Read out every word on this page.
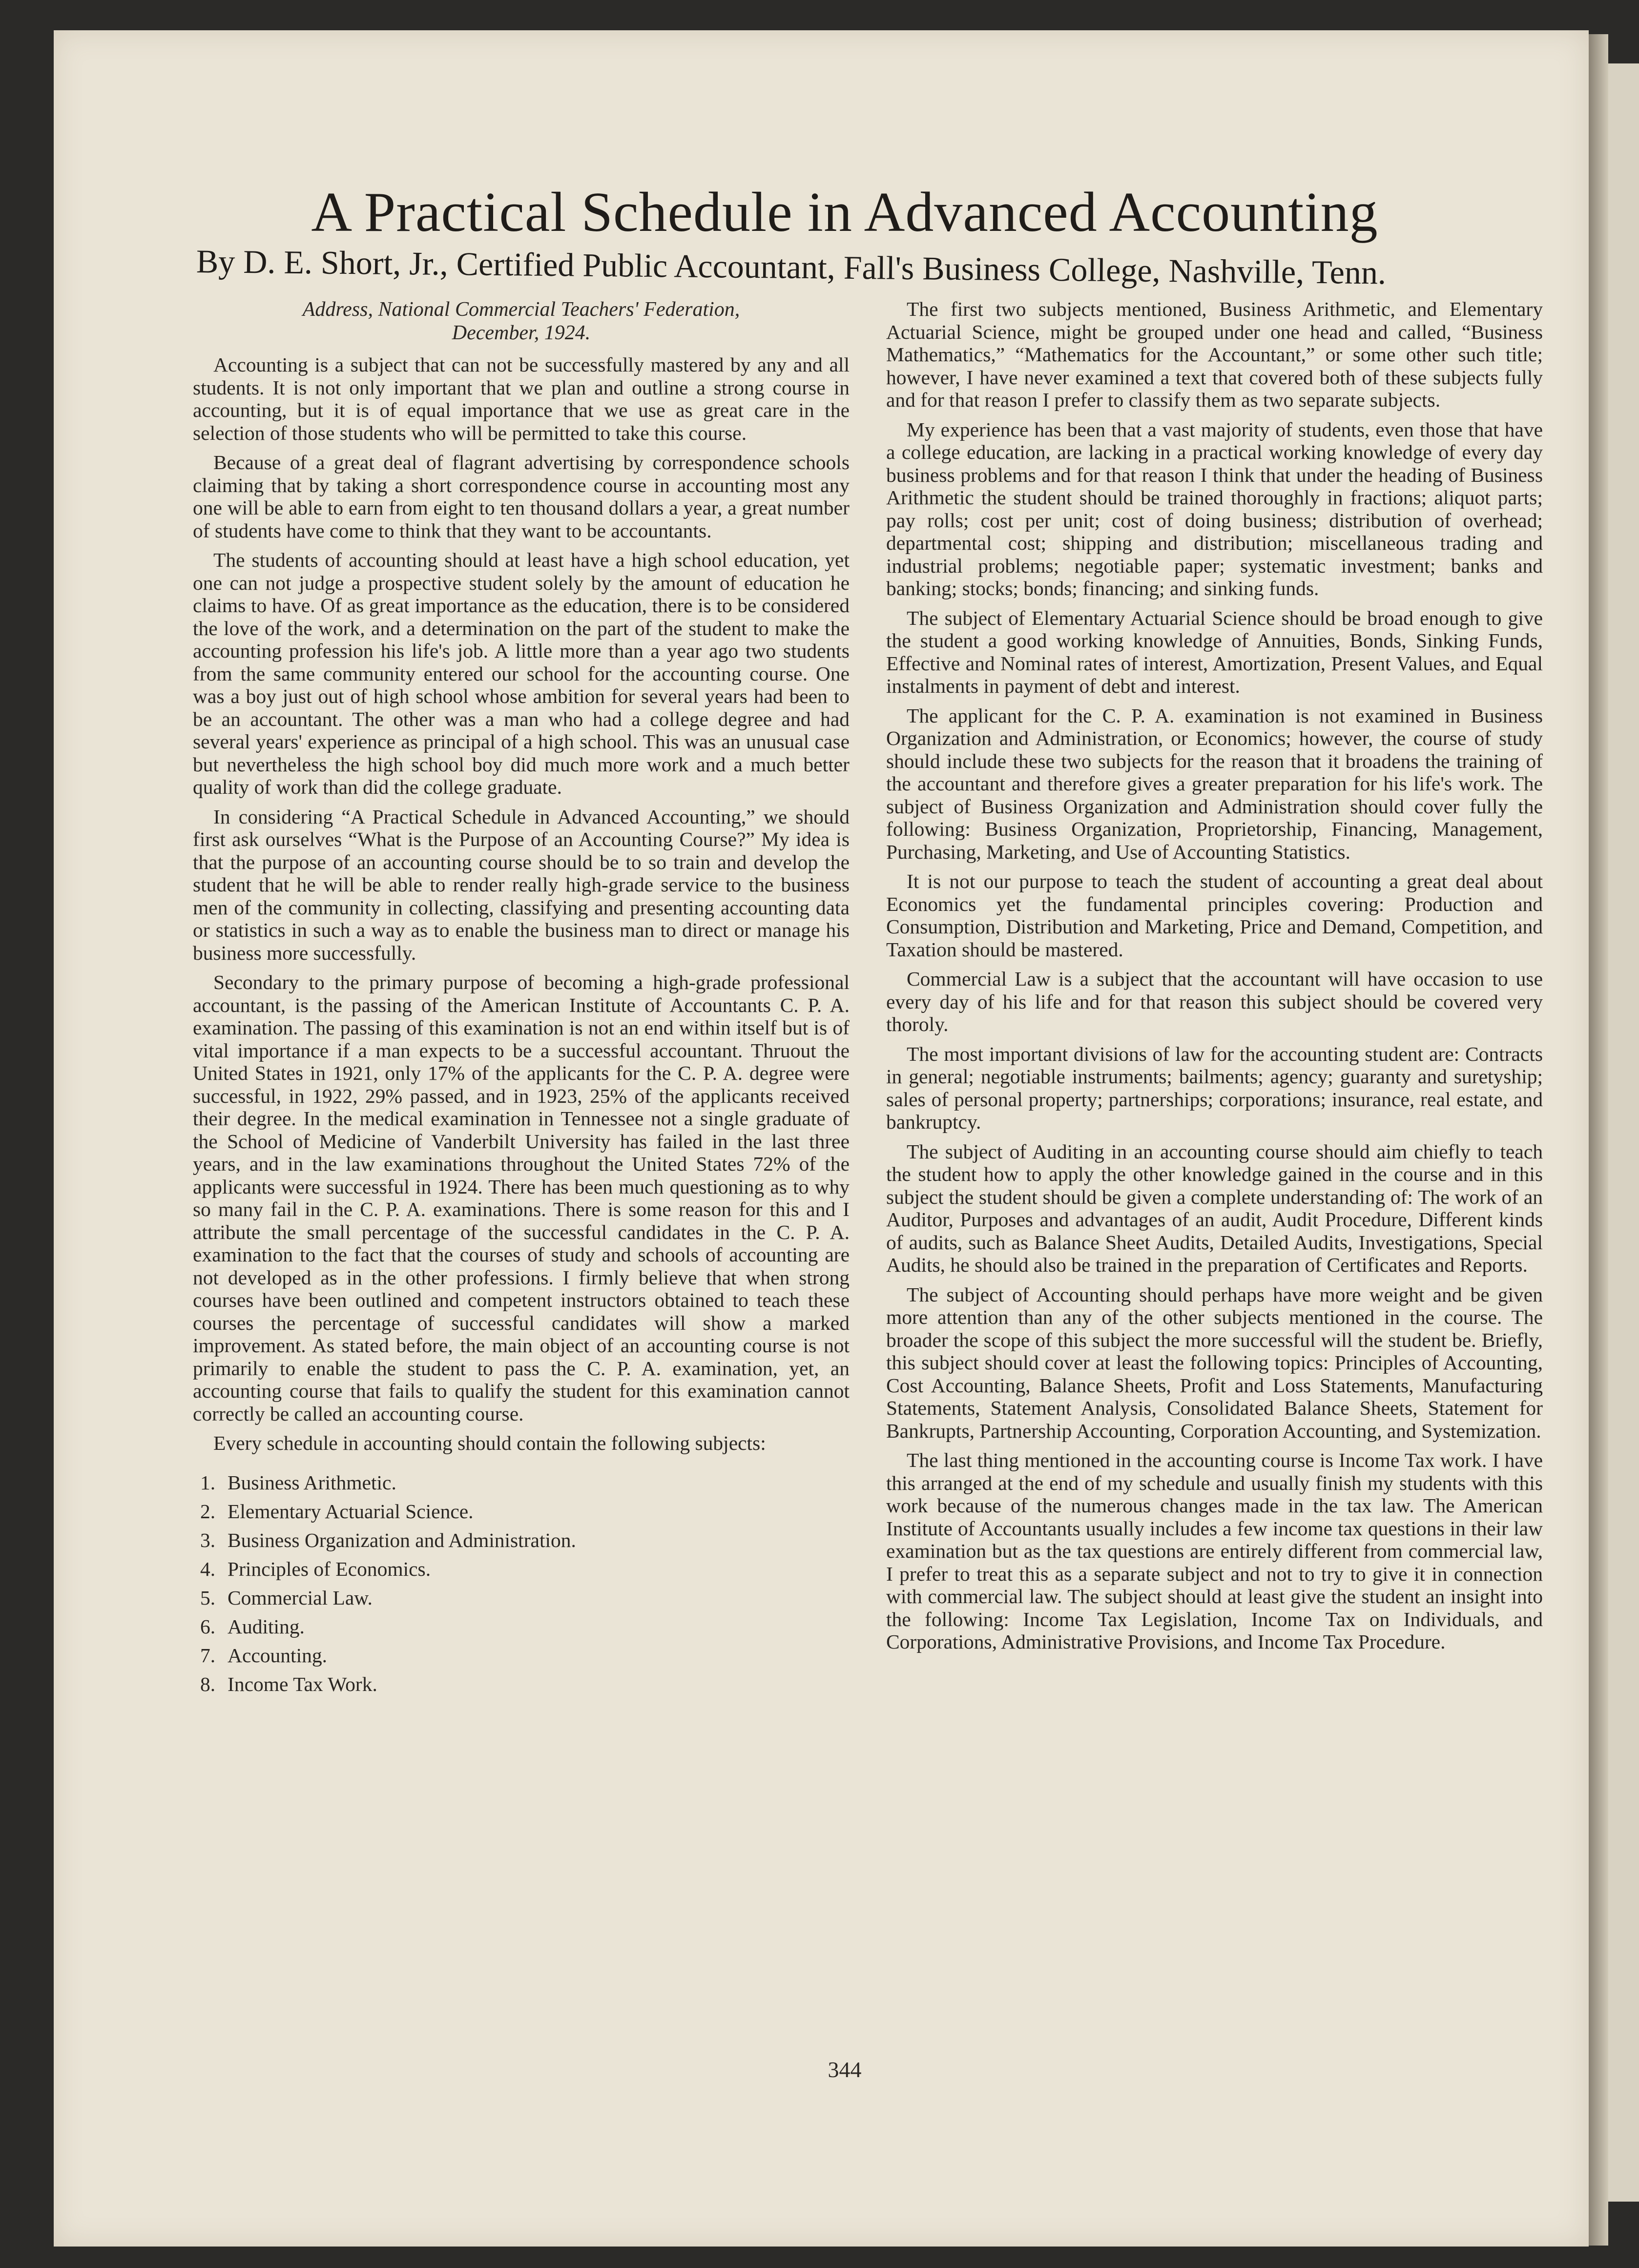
A Practical Schedule in Advanced Accounting

By D. E. Short, Jr., Certified Public Accountant, Fall's Business College, Nashville, Tenn.

Address, National Commercial Teachers' Federation,
December, 1924.

Accounting is a subject that can not be successfully mastered by any and all students. It is not only important that we plan and outline a strong course in accounting, but it is of equal importance that we use as great care in the selection of those students who will be permitted to take this course.

Because of a great deal of flagrant advertising by correspondence schools claiming that by taking a short correspondence course in accounting most any one will be able to earn from eight to ten thousand dollars a year, a great number of students have come to think that they want to be accountants.

The students of accounting should at least have a high school education, yet one can not judge a prospective student solely by the amount of education he claims to have. Of as great importance as the education, there is to be considered the love of the work, and a determination on the part of the student to make the accounting profession his life's job. A little more than a year ago two students from the same community entered our school for the accounting course. One was a boy just out of high school whose ambition for several years had been to be an accountant. The other was a man who had a college degree and had several years' experience as principal of a high school. This was an unusual case but nevertheless the high school boy did much more work and a much better quality of work than did the college graduate.

In considering “A Practical Schedule in Advanced Accounting,” we should first ask ourselves “What is the Purpose of an Accounting Course?” My idea is that the purpose of an accounting course should be to so train and develop the student that he will be able to render really high-grade service to the business men of the community in collecting, classifying and presenting accounting data or statistics in such a way as to enable the business man to direct or manage his business more successfully.

Secondary to the primary purpose of becoming a high-grade professional accountant, is the passing of the American Institute of Accountants C. P. A. examination. The passing of this examination is not an end within itself but is of vital importance if a man expects to be a successful accountant. Thruout the United States in 1921, only 17% of the applicants for the C. P. A. degree were successful, in 1922, 29% passed, and in 1923, 25% of the applicants received their degree. In the medical examination in Tennessee not a single graduate of the School of Medicine of Vanderbilt University has failed in the last three years, and in the law examinations throughout the United States 72% of the applicants were successful in 1924. There has been much questioning as to why so many fail in the C. P. A. examinations. There is some reason for this and I attribute the small percentage of the successful candidates in the C. P. A. examination to the fact that the courses of study and schools of accounting are not developed as in the other professions. I firmly believe that when strong courses have been outlined and competent instructors obtained to teach these courses the percentage of successful candidates will show a marked improvement. As stated before, the main object of an accounting course is not primarily to enable the student to pass the C. P. A. examination, yet, an accounting course that fails to qualify the student for this examination cannot correctly be called an accounting course.

Every schedule in accounting should contain the following subjects:

1. Business Arithmetic.
2. Elementary Actuarial Science.
3. Business Organization and Administration.
4. Principles of Economics.
5. Commercial Law.
6. Auditing.
7. Accounting.
8. Income Tax Work.

The first two subjects mentioned, Business Arithmetic, and Elementary Actuarial Science, might be grouped under one head and called, “Business Mathematics,” “Mathematics for the Accountant,” or some other such title; however, I have never examined a text that covered both of these subjects fully and for that reason I prefer to classify them as two separate subjects.

My experience has been that a vast majority of students, even those that have a college education, are lacking in a practical working knowledge of every day business problems and for that reason I think that under the heading of Business Arithmetic the student should be trained thoroughly in fractions; aliquot parts; pay rolls; cost per unit; cost of doing business; distribution of overhead; departmental cost; shipping and distribution; miscellaneous trading and industrial problems; negotiable paper; systematic investment; banks and banking; stocks; bonds; financing; and sinking funds.

The subject of Elementary Actuarial Science should be broad enough to give the student a good working knowledge of Annuities, Bonds, Sinking Funds, Effective and Nominal rates of interest, Amortization, Present Values, and Equal instalments in payment of debt and interest.

The applicant for the C. P. A. examination is not examined in Business Organization and Administration, or Economics; however, the course of study should include these two subjects for the reason that it broadens the training of the accountant and therefore gives a greater preparation for his life's work. The subject of Business Organization and Administration should cover fully the following: Business Organization, Proprietorship, Financing, Management, Purchasing, Marketing, and Use of Accounting Statistics.

It is not our purpose to teach the student of accounting a great deal about Economics yet the fundamental principles covering: Production and Consumption, Distribution and Marketing, Price and Demand, Competition, and Taxation should be mastered.

Commercial Law is a subject that the accountant will have occasion to use every day of his life and for that reason this subject should be covered very thoroly.

The most important divisions of law for the accounting student are: Contracts in general; negotiable instruments; bailments; agency; guaranty and suretyship; sales of personal property; partnerships; corporations; insurance, real estate, and bankruptcy.

The subject of Auditing in an accounting course should aim chiefly to teach the student how to apply the other knowledge gained in the course and in this subject the student should be given a complete understanding of: The work of an Auditor, Purposes and advantages of an audit, Audit Procedure, Different kinds of audits, such as Balance Sheet Audits, Detailed Audits, Investigations, Special Audits, he should also be trained in the preparation of Certificates and Reports.

The subject of Accounting should perhaps have more weight and be given more attention than any of the other subjects mentioned in the course. The broader the scope of this subject the more successful will the student be. Briefly, this subject should cover at least the following topics: Principles of Accounting, Cost Accounting, Balance Sheets, Profit and Loss Statements, Manufacturing Statements, Statement Analysis, Consolidated Balance Sheets, Statement for Bankrupts, Partnership Accounting, Corporation Accounting, and Systemization.

The last thing mentioned in the accounting course is Income Tax work. I have this arranged at the end of my schedule and usually finish my students with this work because of the numerous changes made in the tax law. The American Institute of Accountants usually includes a few income tax questions in their law examination but as the tax questions are entirely different from commercial law, I prefer to treat this as a separate subject and not to try to give it in connection with commercial law. The subject should at least give the student an insight into the following: Income Tax Legislation, Income Tax on Individuals, and Corporations, Administrative Provisions, and Income Tax Procedure.

344
